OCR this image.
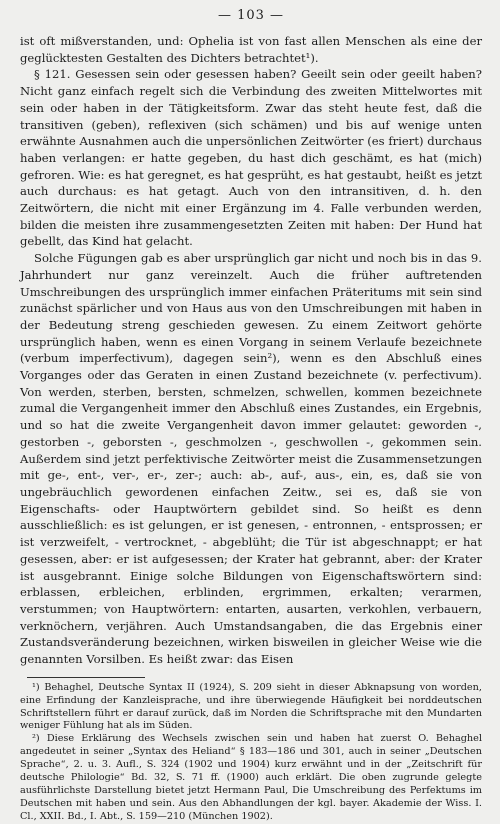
— 103 —

ist oft mißverstanden, und: Ophelia ist von fast allen Menschen als eine der geglücktesten Gestalten des Dichters betrachtet¹).

§ 121. Gesessen sein oder gesessen haben? Geeilt sein oder geeilt haben? Nicht ganz einfach regelt sich die Verbindung des zweiten Mittelwortes mit sein oder haben in der Tätigkeitsform. Zwar das steht heute fest, daß die transitiven (geben), reflexiven (sich schämen) und bis auf wenige unten erwähnte Ausnahmen auch die unpersönlichen Zeitwörter (es friert) durchaus haben verlangen: er hatte gegeben, du hast dich geschämt, es hat (mich) gefroren. Wie: es hat geregnet, es hat gesprüht, es hat gestaubt, heißt es jetzt auch durchaus: es hat getagt. Auch von den intransitiven, d. h. den Zeitwörtern, die nicht mit einer Ergänzung im 4. Falle verbunden werden, bilden die meisten ihre zusammengesetzten Zeiten mit haben: Der Hund hat gebellt, das Kind hat gelacht.

Solche Fügungen gab es aber ursprünglich gar nicht und noch bis in das 9. Jahrhundert nur ganz vereinzelt. Auch die früher auftretenden Umschreibungen des ursprünglich immer einfachen Präteritums mit sein sind zunächst spärlicher und von Haus aus von den Umschreibungen mit haben in der Bedeutung streng geschieden gewesen. Zu einem Zeitwort gehörte ursprünglich haben, wenn es einen Vorgang in seinem Verlaufe bezeichnete (verbum imperfectivum), dagegen sein²), wenn es den Abschluß eines Vorganges oder das Geraten in einen Zustand bezeichnete (v. perfectivum). Von werden, sterben, bersten, schmelzen, schwellen, kommen bezeichnete zumal die Vergangenheit immer den Abschluß eines Zustandes, ein Ergebnis, und so hat die zweite Vergangenheit davon immer gelautet: geworden -, gestorben -, geborsten -, geschmolzen -, geschwollen -, gekommen sein. Außerdem sind jetzt perfektivische Zeitwörter meist die Zusammensetzungen mit ge-, ent-, ver-, er-, zer-; auch: ab-, auf-, aus-, ein, es, daß sie von ungebräuchlich gewordenen einfachen Zeitw., sei es, daß sie von Eigenschafts- oder Hauptwörtern gebildet sind. So heißt es denn ausschließlich: es ist gelungen, er ist genesen, - entronnen, - entsprossen; er ist verzweifelt, - vertrocknet, - abgeblüht; die Tür ist abgeschnappt; er hat gesessen, aber: er ist aufgesessen; der Krater hat gebrannt, aber: der Krater ist ausgebrannt. Einige solche Bildungen von Eigenschaftswörtern sind: erblassen, erbleichen, erblinden, ergrimmen, erkalten; verarmen, verstummen; von Hauptwörtern: entarten, ausarten, verkohlen, verbauern, verknöchern, verjähren. Auch Umstandsangaben, die das Ergebnis einer Zustandsveränderung bezeichnen, wirken bisweilen in gleicher Weise wie die genannten Vorsilben. Es heißt zwar: das Eisen

¹) Behaghel, Deutsche Syntax II (1924), S. 209 sieht in dieser Abknapsung von worden, eine Erfindung der Kanzleisprache, und ihre überwiegende Häufigkeit bei norddeutschen Schriftstellern führt er darauf zurück, daß im Norden die Schriftsprache mit den Mundarten weniger Fühlung hat als im Süden.

²) Diese Erklärung des Wechsels zwischen sein und haben hat zuerst O. Behaghel angedeutet in seiner „Syntax des Heliand“ § 183—186 und 301, auch in seiner „Deutschen Sprache“, 2. u. 3. Aufl., S. 324 (1902 und 1904) kurz erwähnt und in der „Zeitschrift für deutsche Philologie“ Bd. 32, S. 71 ff. (1900) auch erklärt. Die oben zugrunde gelegte ausführlichste Darstellung bietet jetzt Hermann Paul, Die Umschreibung des Perfektums im Deutschen mit haben und sein. Aus den Abhandlungen der kgl. bayer. Akademie der Wiss. I. Cl., XXII. Bd., I. Abt., S. 159—210 (München 1902).
